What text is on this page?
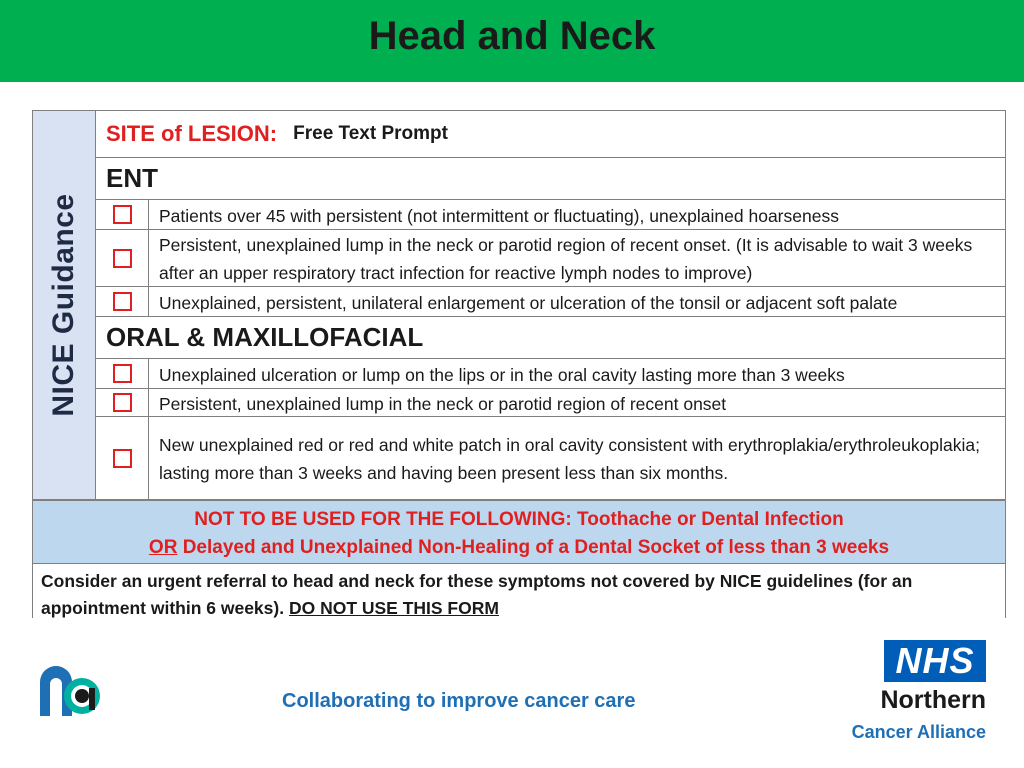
Head and Neck
NICE Guidance
SITE of LESION: Free Text Prompt
ENT
Patients over 45 with persistent (not intermittent or fluctuating), unexplained hoarseness
Persistent, unexplained lump in the neck or parotid region of recent onset. (It is advisable to wait 3 weeks after an upper respiratory tract infection for reactive lymph nodes to improve)
Unexplained, persistent, unilateral enlargement or ulceration of the tonsil or adjacent soft palate
ORAL & MAXILLOFACIAL
Unexplained ulceration or lump on the lips or in the oral cavity lasting more than 3 weeks
Persistent, unexplained lump in the neck or parotid region of recent onset
New unexplained red or red and white patch in oral cavity consistent with erythroplakia/erythroleukoplakia; lasting more than 3 weeks and having been present less than six months.
NOT TO BE USED FOR THE FOLLOWING: Toothache or Dental Infection
OR Delayed and Unexplained Non-Healing of a Dental Socket of less than 3 weeks
Consider an urgent referral to head and neck for these symptoms not covered by NICE guidelines (for an appointment within 6 weeks). DO NOT USE THIS FORM
Collaborating to improve cancer care
NHS
Northern
Cancer Alliance
